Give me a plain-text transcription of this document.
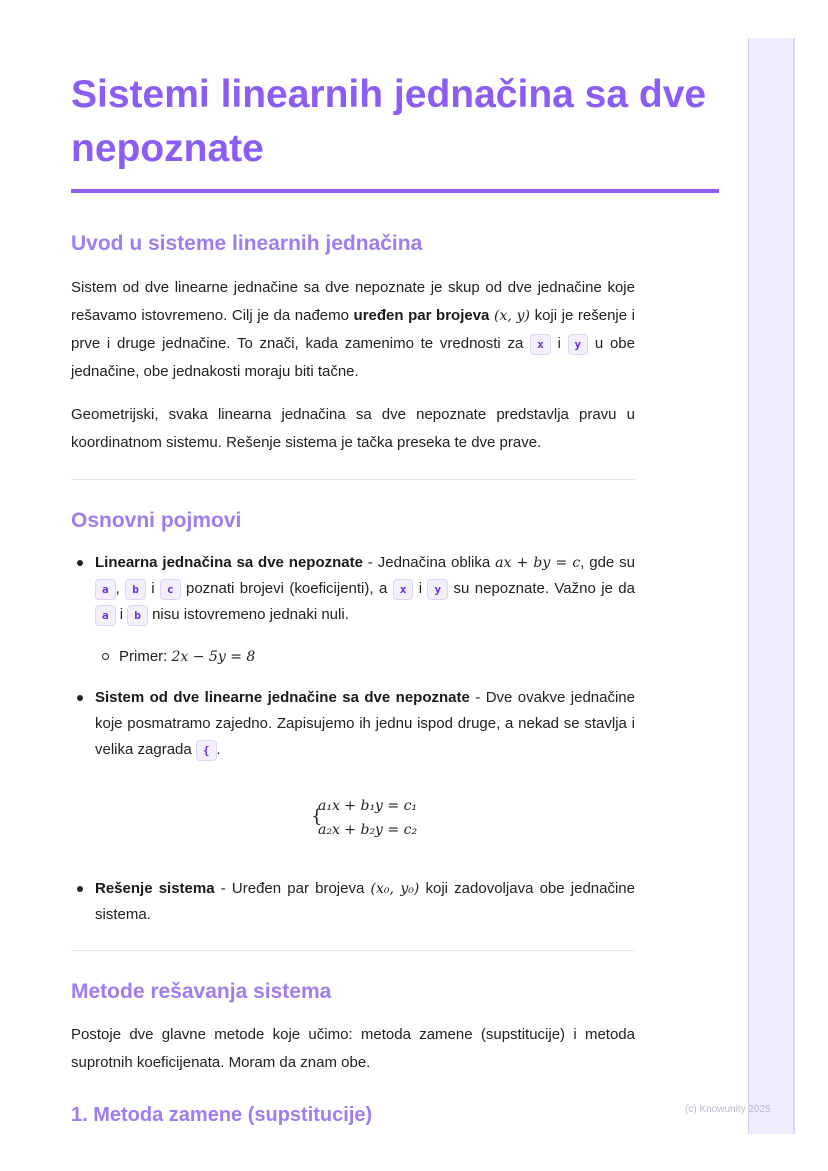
(c) Knowunity 2025
Sistemi linearnih jednačina sa dve nepoznate
Uvod u sisteme linearnih jednačina

Sistem od dve linearne jednačine sa dve nepoznate je skup od dve jednačine koje rešavamo istovremeno. Cilj je da nađemo uređen par brojeva (x, y) koji je rešenje i prve i druge jednačine. To znači, kada zamenimo te vrednosti za x i y u obe jednačine, obe jednakosti moraju biti tačne.

Geometrijski, svaka linearna jednačina sa dve nepoznate predstavlja pravu u koordinatnom sistemu. Rešenje sistema je tačka preseka te dve prave.

Osnovni pojmovi
Linearna jednačina sa dve nepoznate - Jednačina oblika ax + by = c, gde su a , b i c poznati brojevi (koeficijenti), a x i y su nepoznate. Važno je da a i b nisu istovremeno jednaki nuli.
Primer: 2x − 5y = 8
Sistem od dve linearne jednačine sa dve nepoznate - Dve ovakve jednačine koje posmatramo zajedno. Zapisujemo ih jednu ispod druge, a nekad se stavlja i velika zagrada { .
{
a₁x + b₁y = c₁
a₂x + b₂y = c₂
Rešenje sistema - Uređen par brojeva (x₀, y₀) koji zadovoljava obe jednačine sistema.
Metode rešavanja sistema

Postoje dve glavne metode koje učimo: metoda zamene (supstitucije) i metoda suprotnih koeficijenata. Moram da znam obe.

1. Metoda zamene (supstitucije)
